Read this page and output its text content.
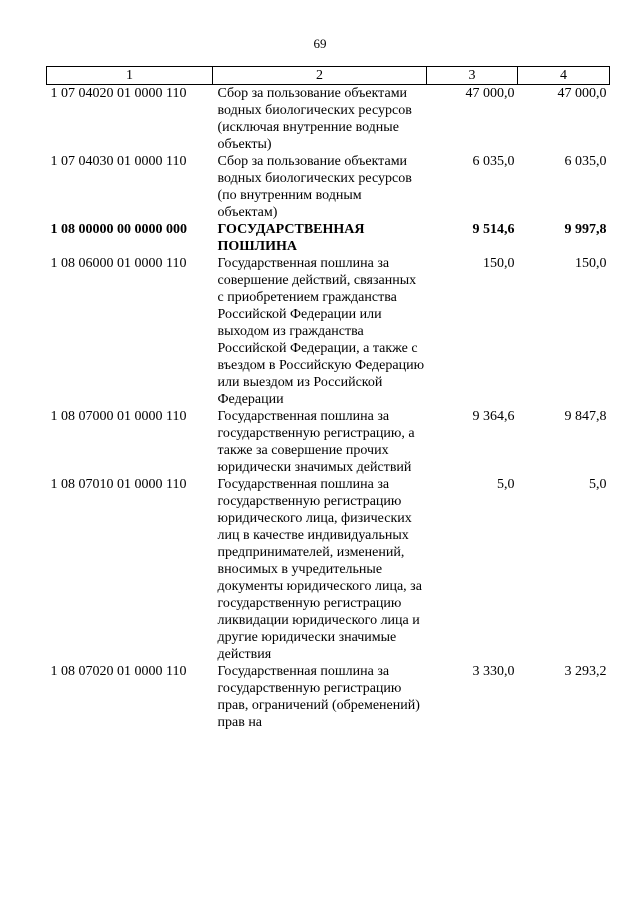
69
1	2	3	4
1 07 04020 01 0000 110	Сбор за пользование объектами водных биологических ресурсов (исключая внутренние водные объекты)	47 000,0	47 000,0
1 07 04030 01 0000 110	Сбор за пользование объектами водных биологических ресурсов (по внутренним водным объектам)	6 035,0	6 035,0
1 08 00000 00 0000 000	ГОСУДАРСТВЕННАЯ ПОШЛИНА	9 514,6	9 997,8
1 08 06000 01 0000 110	Государственная пошлина за совершение действий, связанных с приобретением гражданства Российской Федерации или выходом из гражданства Российской Федерации, а также с въездом в Российскую Федерацию или выездом из Российской Федерации	150,0	150,0
1 08 07000 01 0000 110	Государственная пошлина за государственную регистрацию, а также за совершение прочих юридически значимых действий	9 364,6	9 847,8
1 08 07010 01 0000 110	Государственная пошлина за государственную регистрацию юридического лица, физических лиц в качестве индивидуальных предпринимателей, изменений, вносимых в учредительные документы юридического лица, за государственную регистрацию ликвидации юридического лица и другие юридически значимые действия	5,0	5,0
1 08 07020 01 0000 110	Государственная пошлина за государственную регистрацию прав, ограничений (обременений) прав на	3 330,0	3 293,2
